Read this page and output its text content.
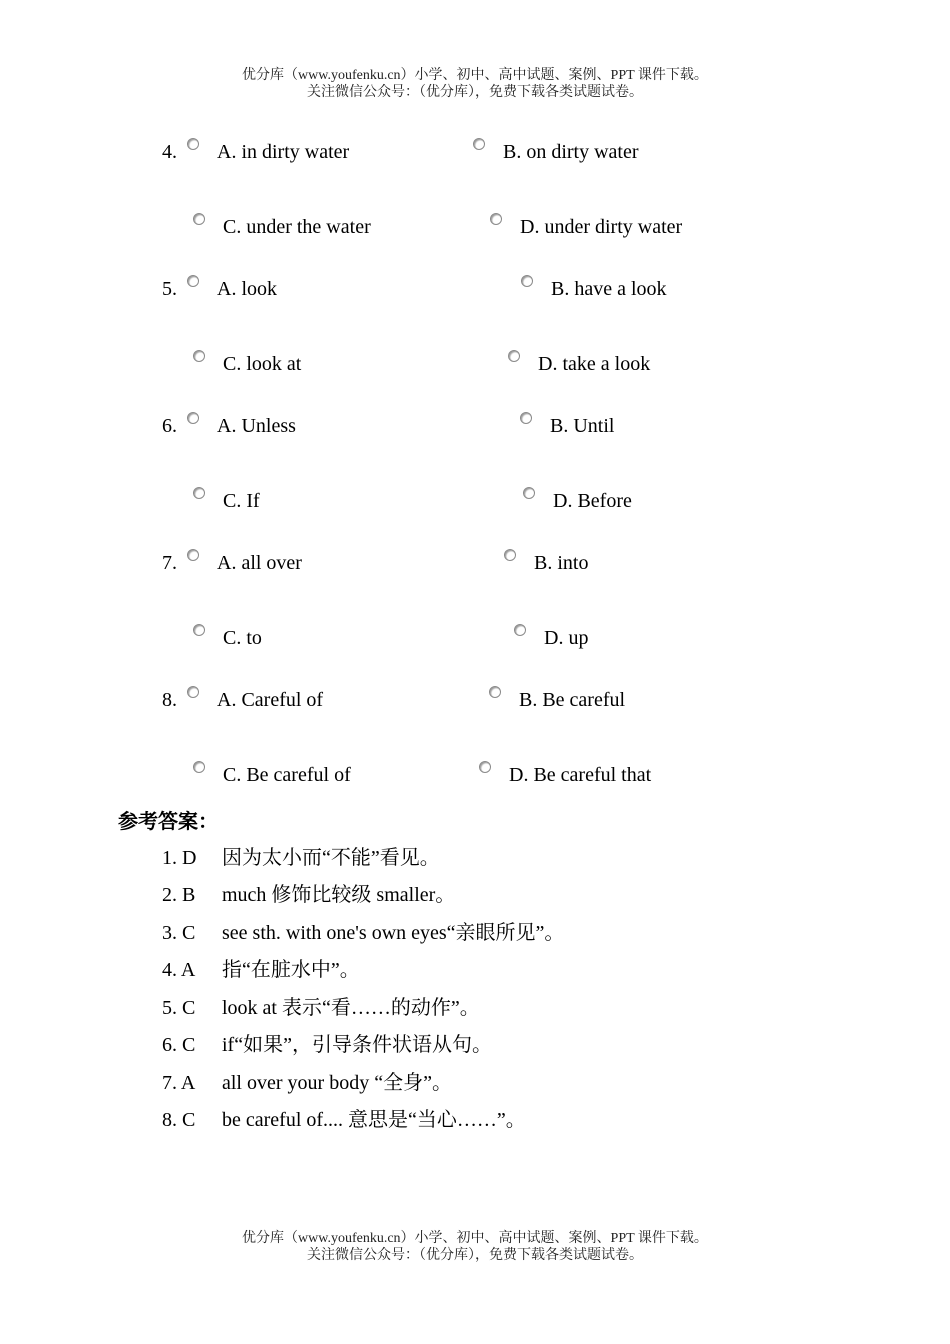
优分库（www.youfenku.cn）小学、初中、高中试题、案例、PPT 课件下载。
关注微信公众号：（优分库），免费下载各类试题试卷。
4. A. in dirty water	B. on dirty water
C. under the water	D. under dirty water
5. A. look	B. have a look
C. look at	D. take a look
6. A. Unless	B. Until
C. If	D. Before
7. A. all over	B. into
C. to	D. up
8. A. Careful of	B. Be careful
C. Be careful of	D. Be careful that
参考答案：
1. D 因为太小而“不能”看见。
2. B much 修饰比较级 smaller。
3. C see sth. with one's own eyes“亲眼所见”。
4. A 指“在脏水中”。
5. C look at 表示“看……的动作”。
6. C if“如果”，引导条件状语从句。
7. A all over your body “全身”。
8. C be careful of.... 意思是“当心……”。
优分库（www.youfenku.cn）小学、初中、高中试题、案例、PPT 课件下载。
关注微信公众号：（优分库），免费下载各类试题试卷。
